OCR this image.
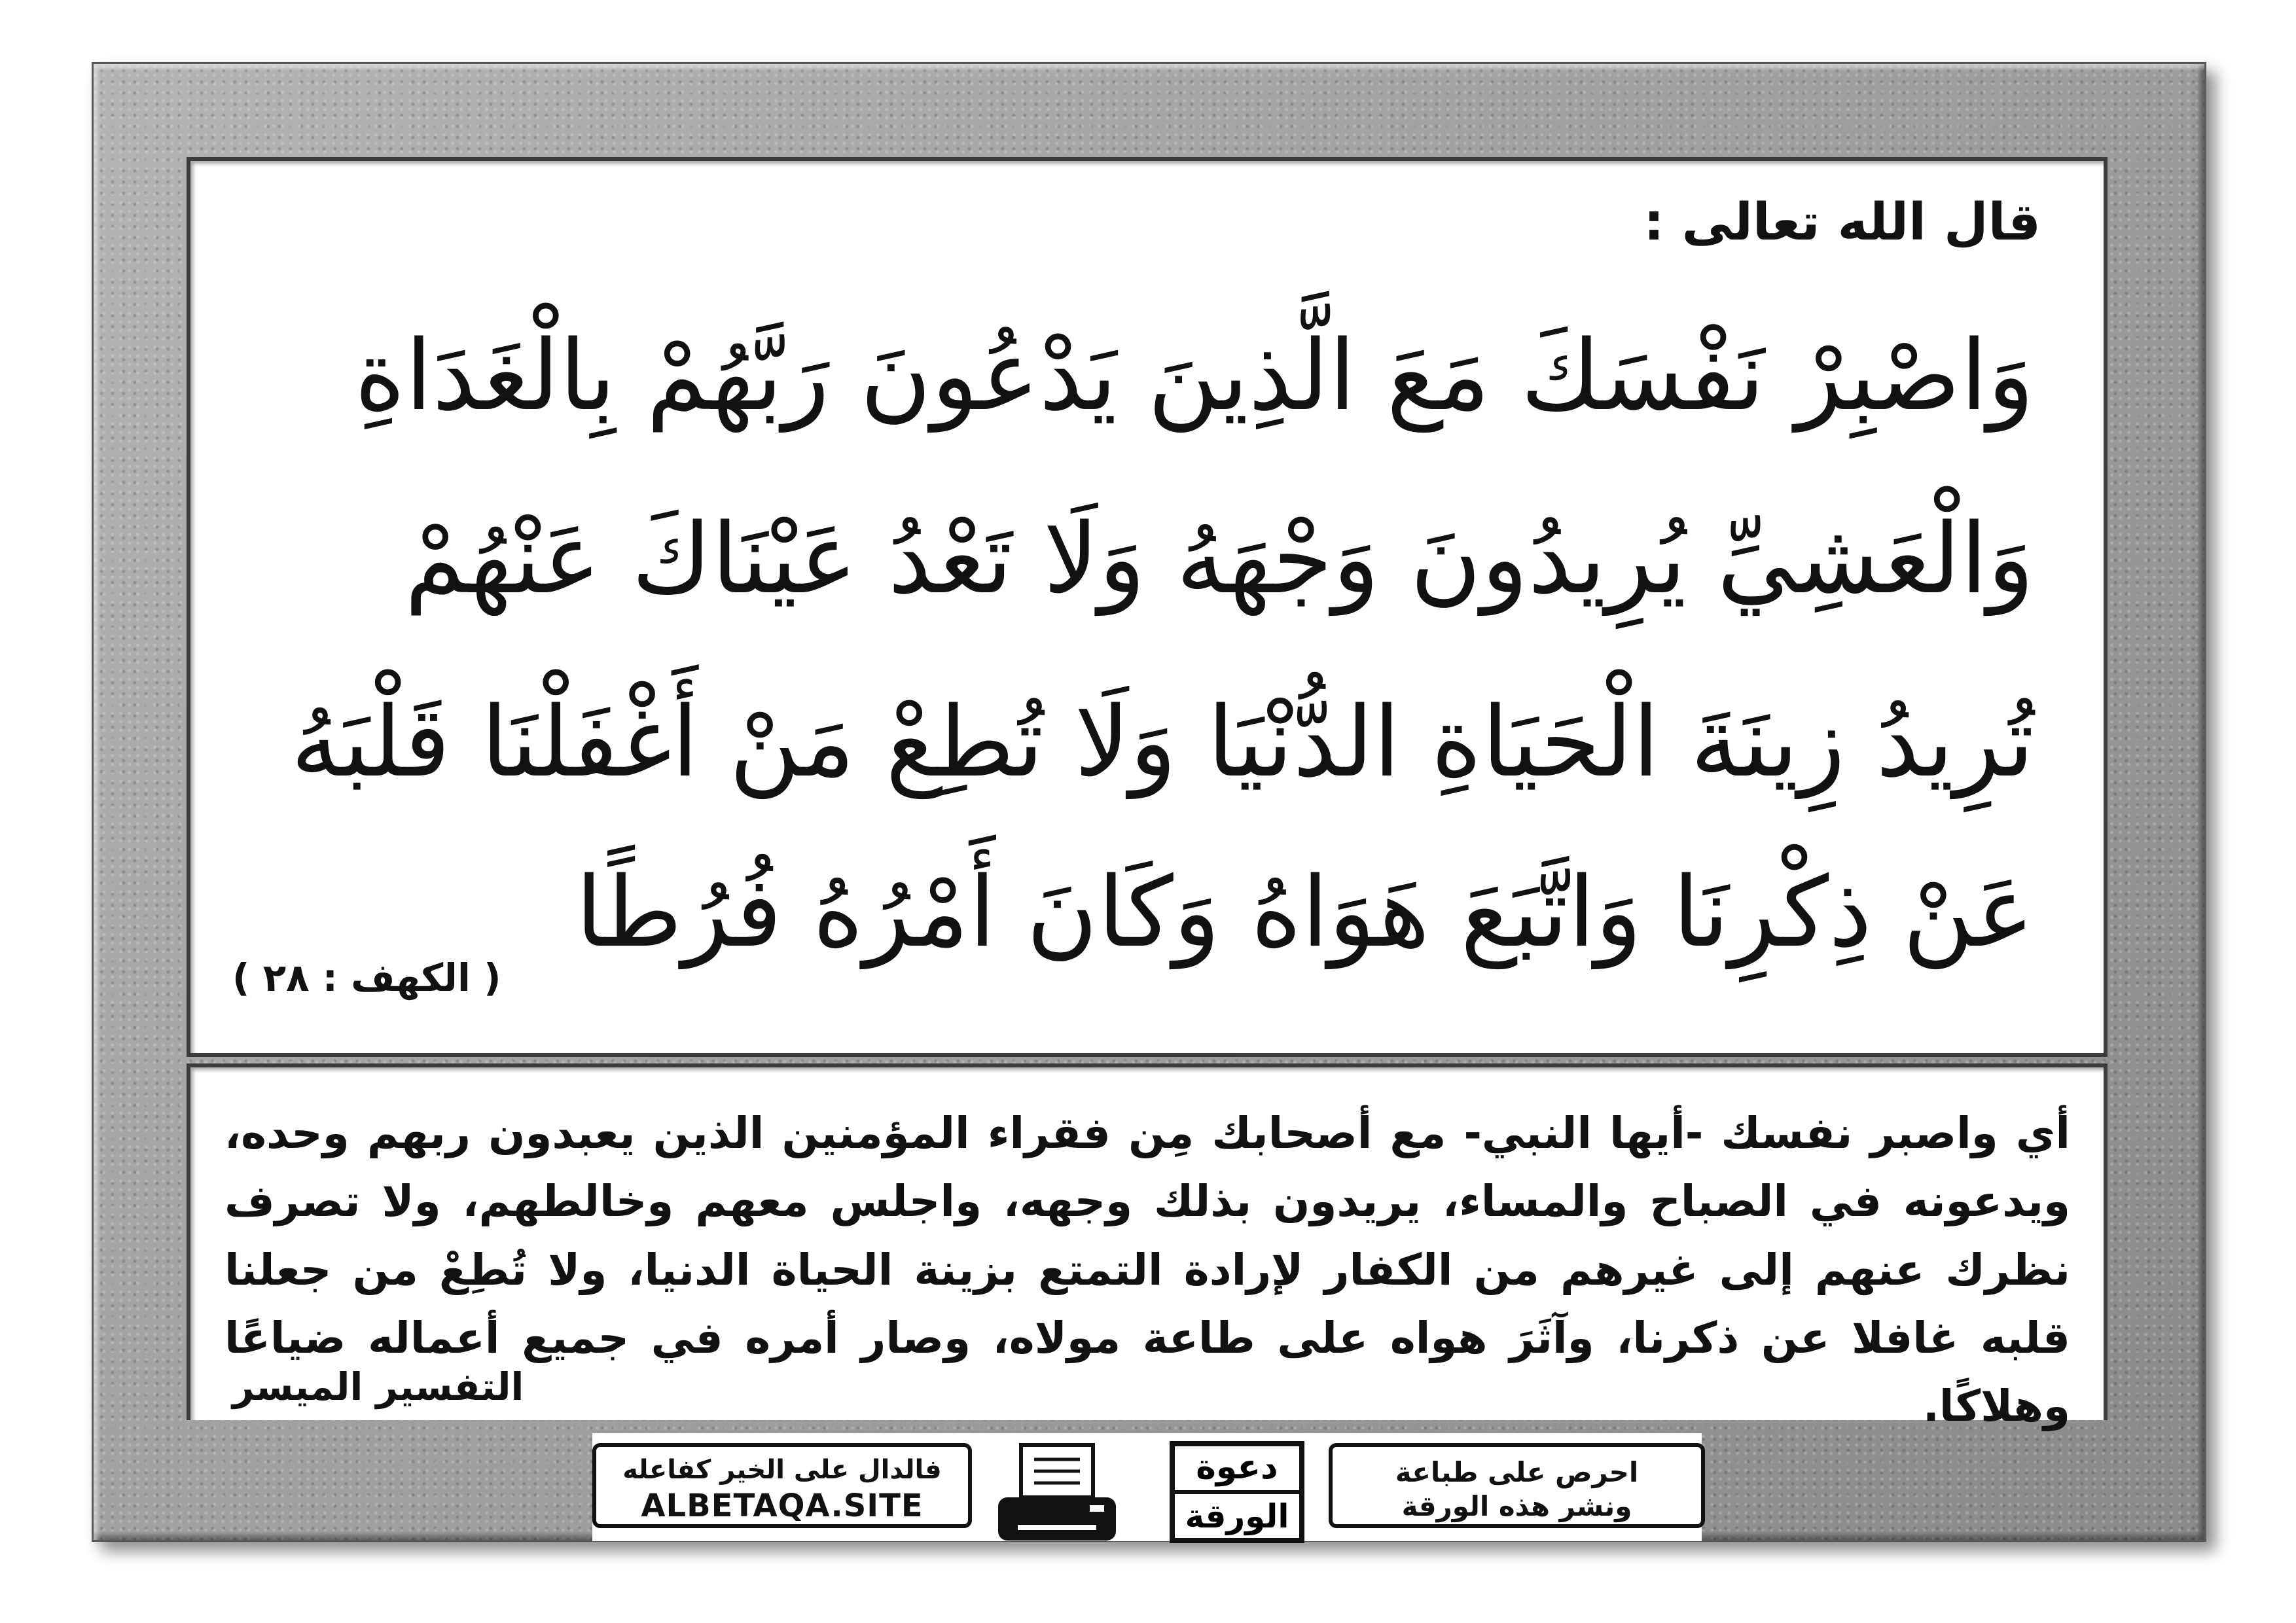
قال الله تعالى :
وَاصْبِرْ نَفْسَكَ مَعَ الَّذِينَ يَدْعُونَ رَبَّهُمْ بِالْغَدَاةِ
وَالْعَشِيِّ يُرِيدُونَ وَجْهَهُ وَلَا تَعْدُ عَيْنَاكَ عَنْهُمْ
تُرِيدُ زِينَةَ الْحَيَاةِ الدُّنْيَا وَلَا تُطِعْ مَنْ أَغْفَلْنَا قَلْبَهُ
عَنْ ذِكْرِنَا وَاتَّبَعَ هَوَاهُ وَكَانَ أَمْرُهُ فُرُطًا
( الكهف : ٢٨ )
أي واصبر نفسك -أيها النبي- مع أصحابك مِن فقراء المؤمنين الذين يعبدون ربهم وحده، ويدعونه في الصباح والمساء، يريدون بذلك وجهه، واجلس معهم وخالطهم، ولا تصرف نظرك عنهم إلى غيرهم من الكفار لإرادة التمتع بزينة الحياة الدنيا، ولا تُطِعْ من جعلنا قلبه غافلا عن ذكرنا، وآثَرَ هواه على طاعة مولاه، وصار أمره في جميع أعماله ضياعًا وهلاكًا.
التفسير الميسر
فالدال على الخير كفاعله
ALBETAQA.SITE
دعوة
الورقة
احرص على طباعة
ونشر هذه الورقة
